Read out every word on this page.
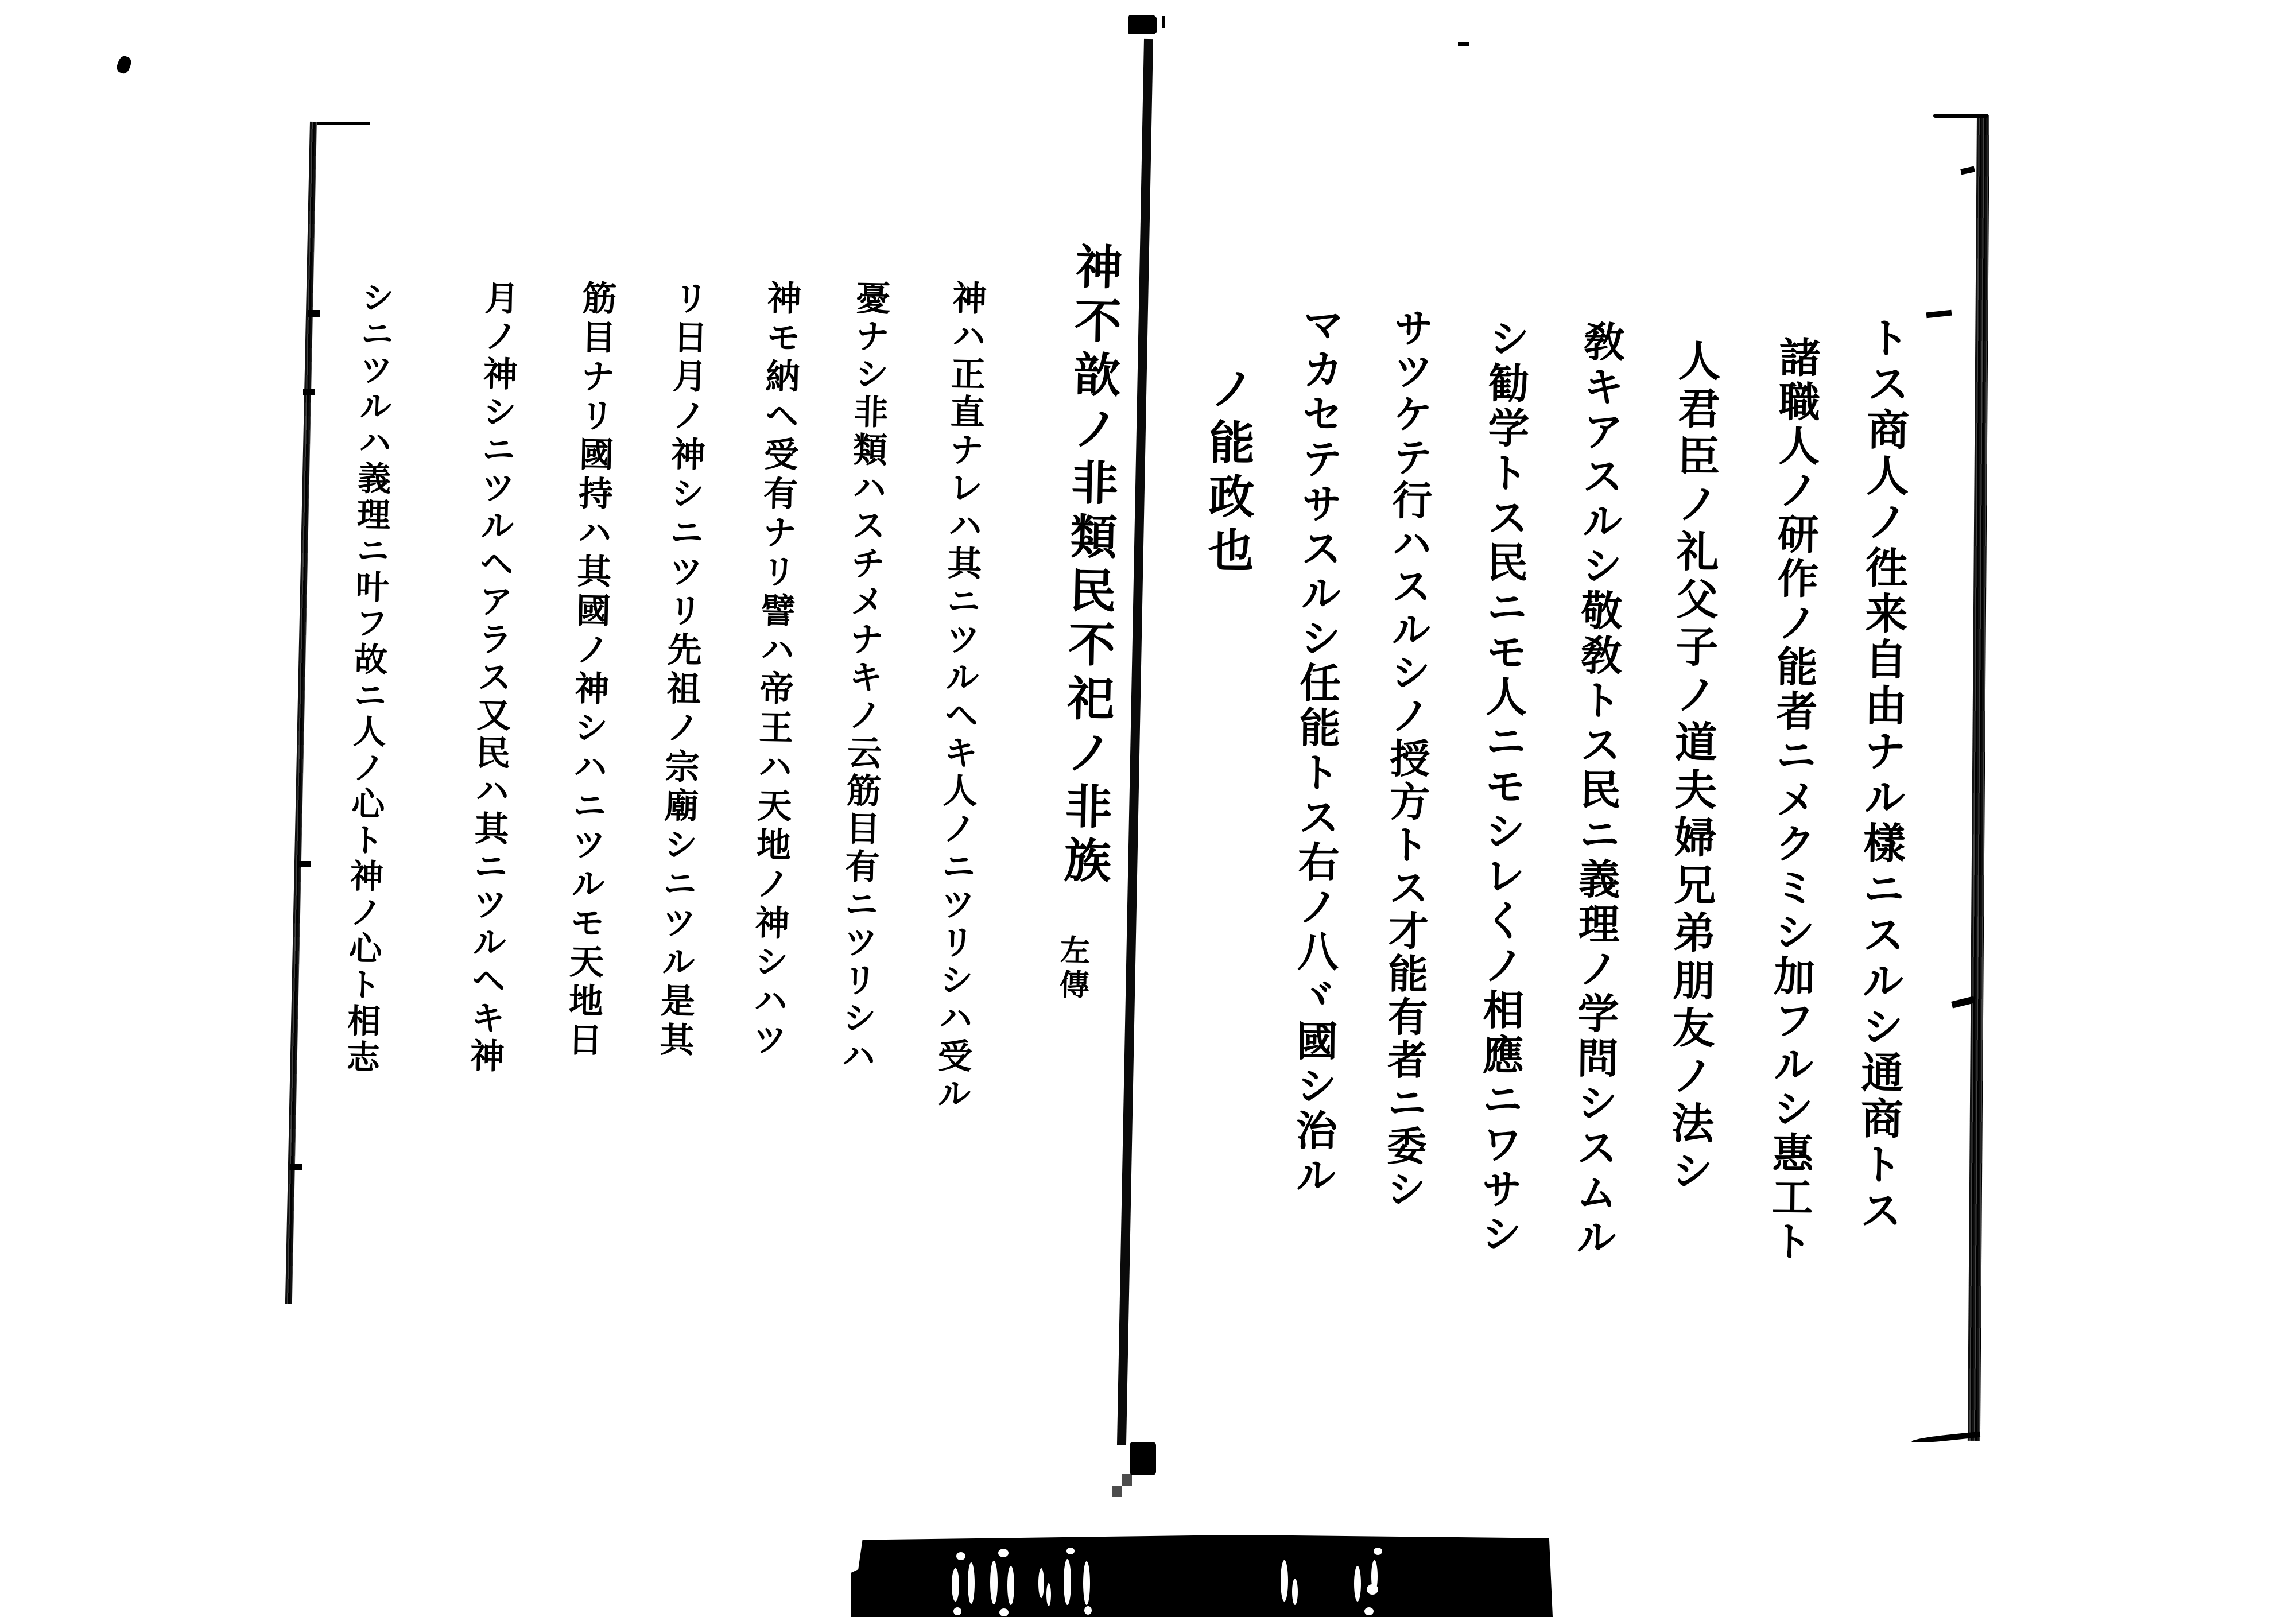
トス商人ノ徃来自由ナル樣ニスルシ通商トス
諸職人ノ研作ノ能者ニメクミシ加フルシ惠工ト
人君臣ノ礼父子ノ道夫婦兄弟朋友ノ法シ
敎キアスルシ敬敎トス民ニ義理ノ学問シスムル
シ勧学トス民ニモ人ニモシレくノ相應ニワサシ
サツケテ行ハスルシノ授方トス才能有者ニ委シ
マカセテサスルシ任能トス右ノ八ヾ國シ治ル
ノ能政也
神ハ正直ナレハ其ニツルヘキ人ノニツリシハ受ル
憂ナシ非類ハスチメナキノ云筋目有ニツリシハ
神モ納ヘ受有ナリ譬ハ帝王ハ天地ノ神シハツ
リ日月ノ神シニツリ先祖ノ宗廟シニツル是其
筋目ナリ國持ハ其國ノ神シハニツルモ天地日
月ノ神シニツルヘアラス又民ハ其ニツルヘキ神
シニツルハ義理ニ叶フ故ニ人ノ心ト神ノ心ト相志	神不歆ノ非類民不祀ノ非族
左傳
